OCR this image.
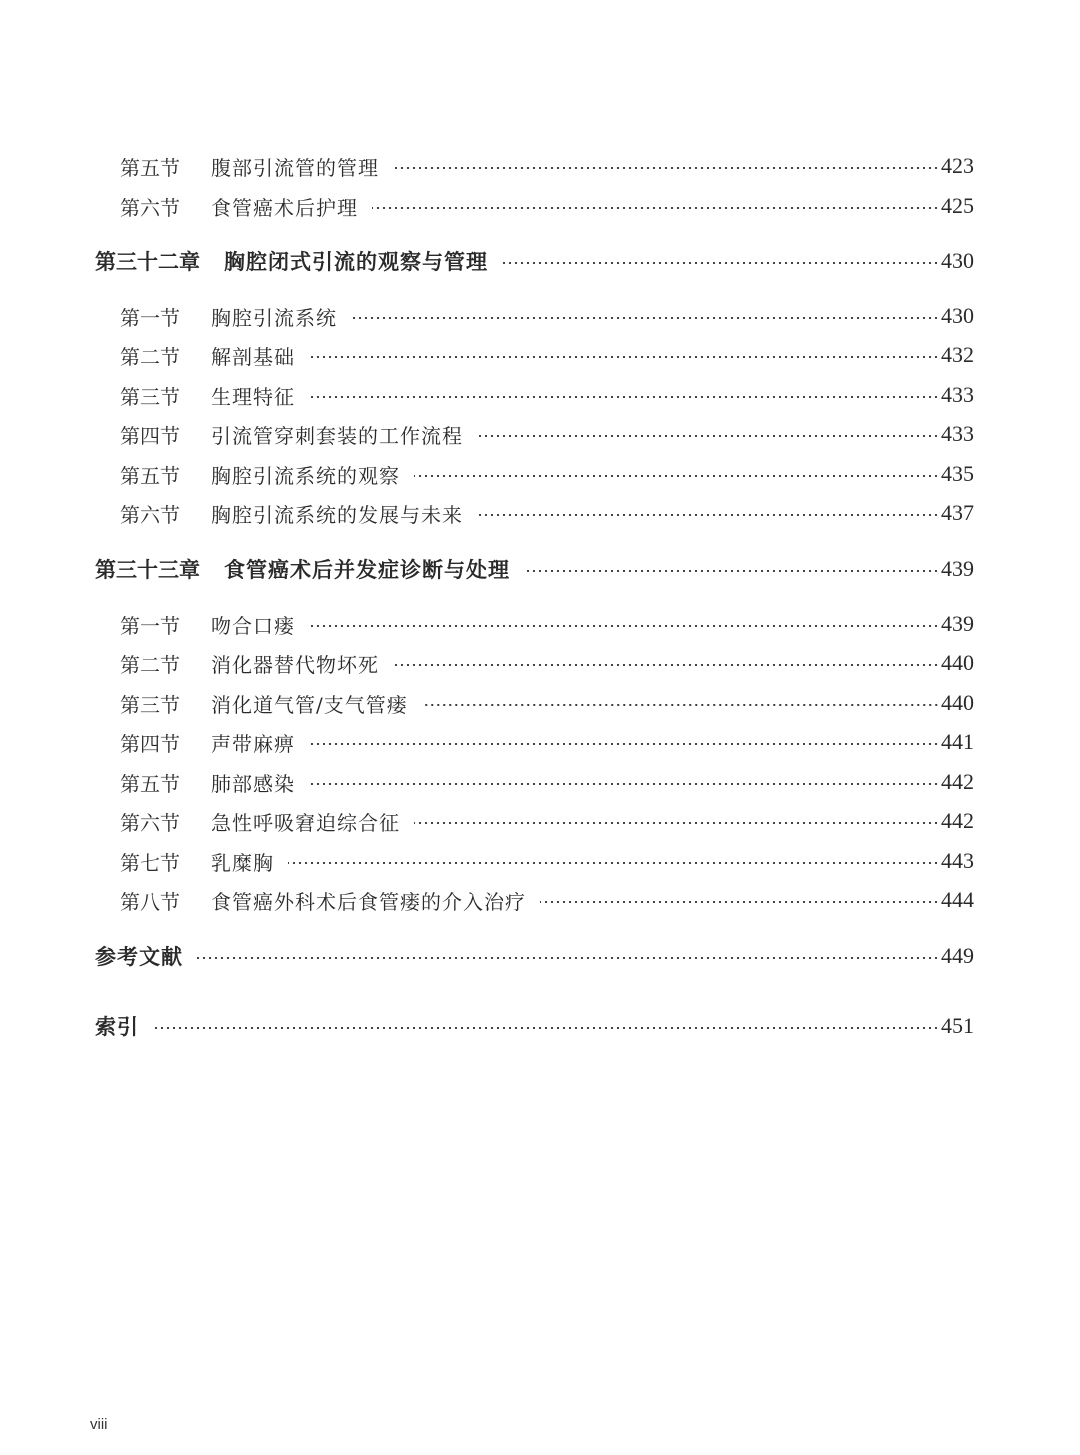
第五节	腹部引流管的管理	423
第六节	食管癌术后护理	425
第三十二章 胸腔闭式引流的观察与管理	430
第一节	胸腔引流系统	430
第二节	解剖基础	432
第三节	生理特征	433
第四节	引流管穿刺套装的工作流程	433
第五节	胸腔引流系统的观察	435
第六节	胸腔引流系统的发展与未来	437
第三十三章 食管癌术后并发症诊断与处理	439
第一节	吻合口瘘	439
第二节	消化器替代物坏死	440
第三节	消化道气管/支气管瘘	440
第四节	声带麻痹	441
第五节	肺部感染	442
第六节	急性呼吸窘迫综合征	442
第七节	乳糜胸	443
第八节	食管癌外科术后食管瘘的介入治疗	444
参考文献	449
索引	451
viii
